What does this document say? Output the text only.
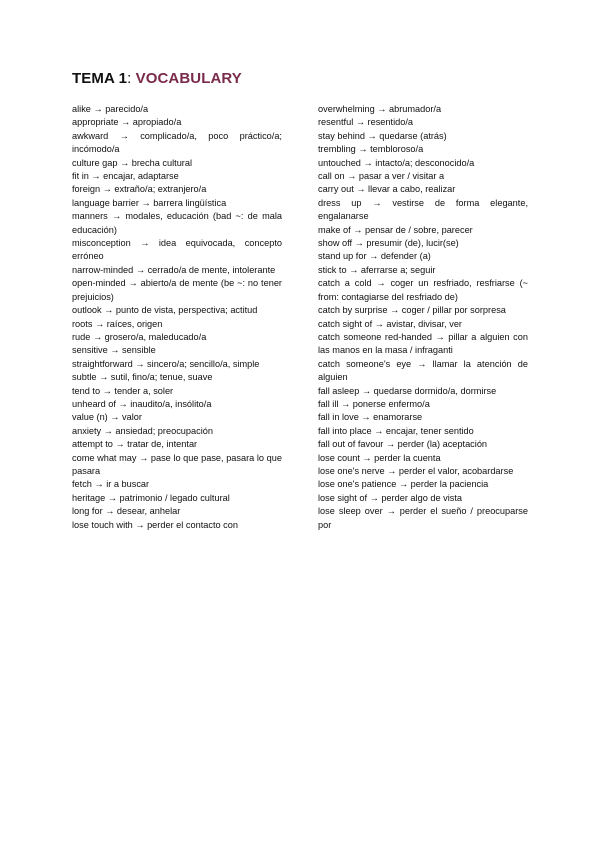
TEMA 1: VOCABULARY

alike → parecido/a

appropriate → apropiado/a

awkward → complicado/a, poco práctico/a; incómodo/a

culture gap → brecha cultural

fit in → encajar, adaptarse

foreign → extraño/a; extranjero/a

language barrier → barrera lingüística

manners → modales, educación (bad ~: de mala educación)

misconception → idea equivocada, concepto erróneo

narrow-minded → cerrado/a de mente, intolerante

open-minded → abierto/a de mente (be ~: no tener prejuicios)

outlook → punto de vista, perspectiva; actitud

roots → raíces, origen

rude → grosero/a, maleducado/a

sensitive → sensible

straightforward → sincero/a; sencillo/a, simple

subtle → sutil, fino/a; tenue, suave

tend to → tender a, soler

unheard of → inaudito/a, insólito/a

value (n) → valor

anxiety → ansiedad; preocupación

attempt to → tratar de, intentar

come what may → pase lo que pase, pasara lo que pasara

fetch → ir a buscar

heritage → patrimonio / legado cultural

long for → desear, anhelar

lose touch with → perder el contacto con

overwhelming → abrumador/a

resentful → resentido/a

stay behind → quedarse (atrás)

trembling → tembloroso/a

untouched → intacto/a; desconocido/a

call on → pasar a ver / visitar a

carry out → llevar a cabo, realizar

dress up → vestirse de forma elegante, engalanarse

make of → pensar de / sobre, parecer

show off → presumir (de), lucir(se)

stand up for → defender (a)

stick to → aferrarse a; seguir

catch a cold → coger un resfriado, resfriarse (~ from: contagiarse del resfriado de)

catch by surprise → coger / pillar por sorpresa

catch sight of → avistar, divisar, ver

catch someone red-handed → pillar a alguien con las manos en la masa / infraganti

catch someone's eye → llamar la atención de alguien

fall asleep → quedarse dormido/a, dormirse

fall ill → ponerse enfermo/a

fall in love → enamorarse

fall into place → encajar, tener sentido

fall out of favour → perder (la) aceptación

lose count → perder la cuenta

lose one's nerve → perder el valor, acobardarse

lose one's patience → perder la paciencia

lose sight of → perder algo de vista

lose sleep over → perder el sueño / preocuparse por
